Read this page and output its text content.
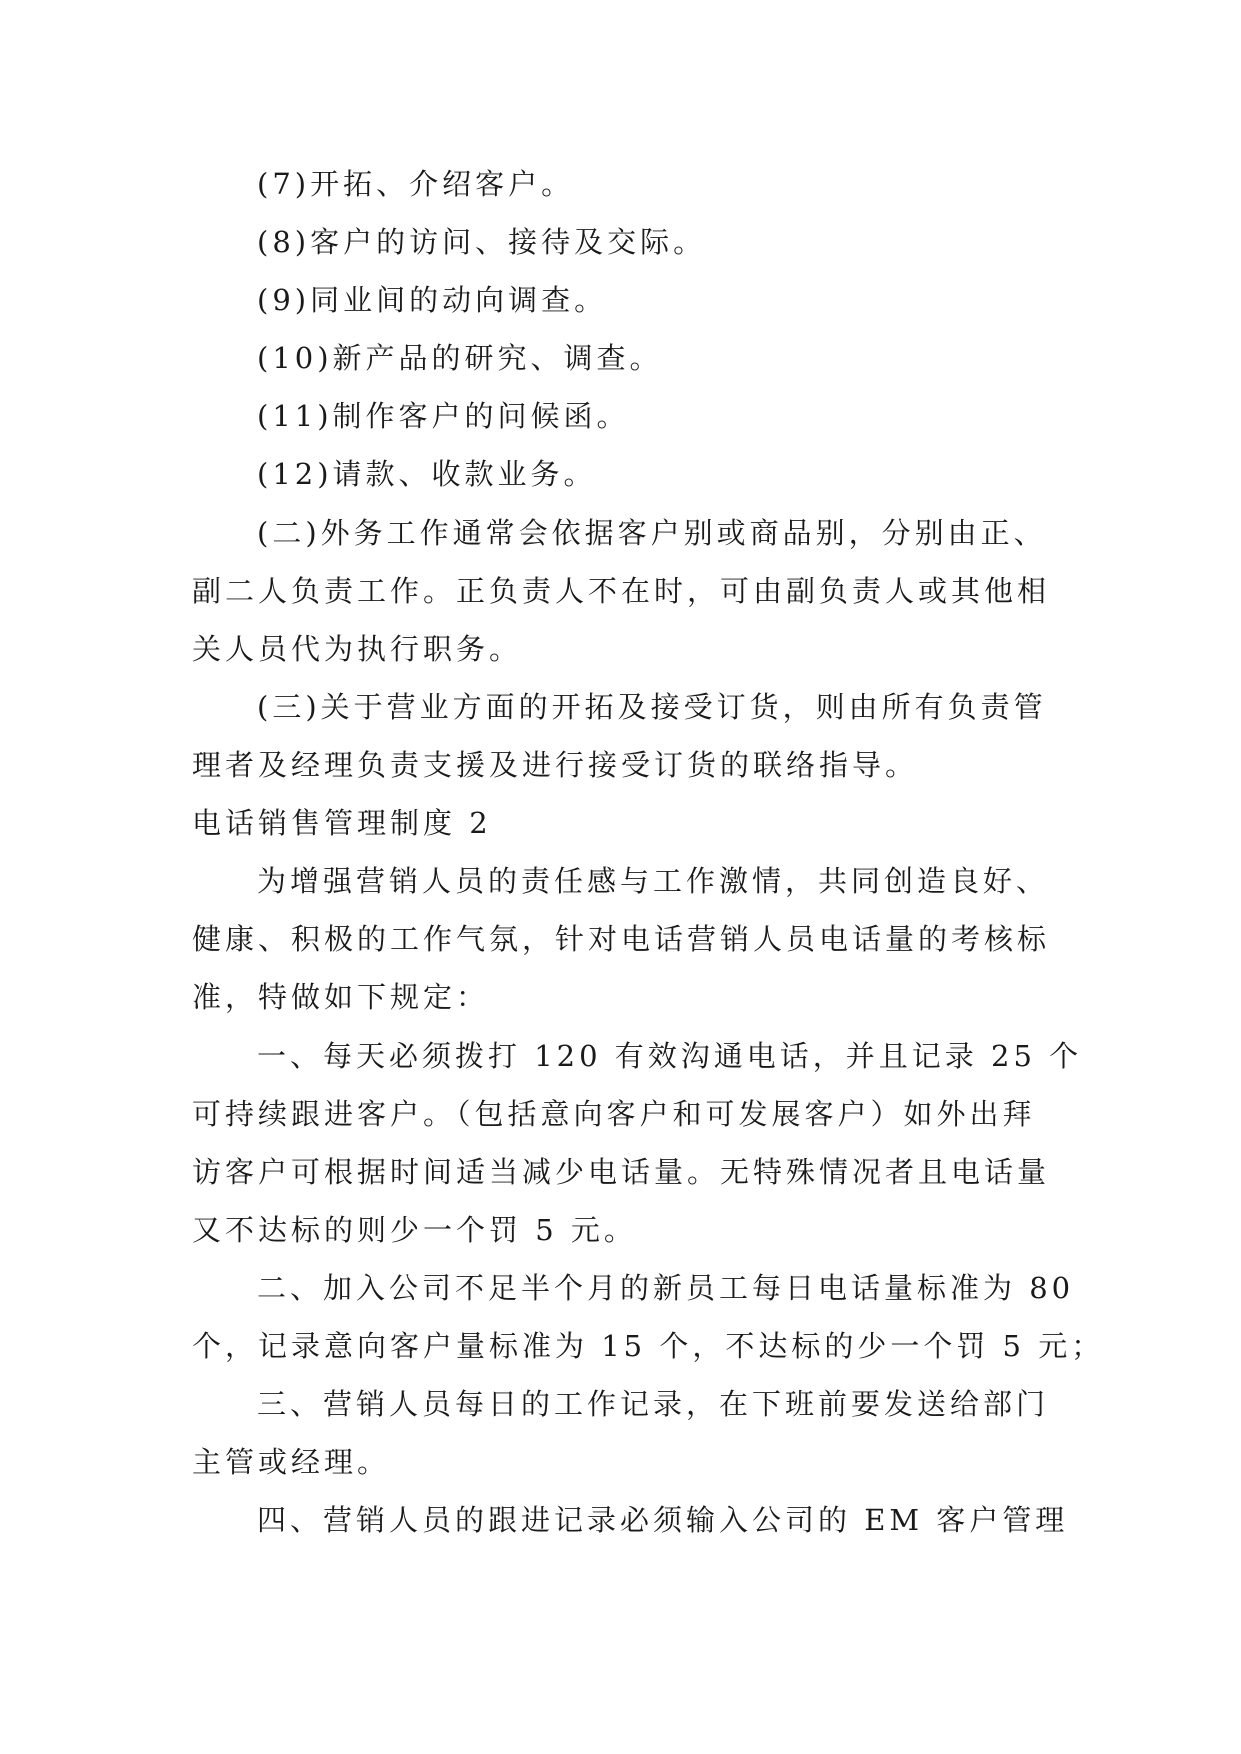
(7)开拓、介绍客户。
(8)客户的访问、接待及交际。
(9)同业间的动向调查。
(10)新产品的研究、调查。
(11)制作客户的问候函。
(12)请款、收款业务。
(二)外务工作通常会依据客户别或商品别，分别由正、
副二人负责工作。正负责人不在时，可由副负责人或其他相
关人员代为执行职务。
(三)关于营业方面的开拓及接受订货，则由所有负责管
理者及经理负责支援及进行接受订货的联络指导。
电话销售管理制度 2
为增强营销人员的责任感与工作激情，共同创造良好、
健康、积极的工作气氛，针对电话营销人员电话量的考核标
准，特做如下规定：
一、每天必须拨打 120 有效沟通电话，并且记录 25 个
可持续跟进客户。（包括意向客户和可发展客户）如外出拜
访客户可根据时间适当减少电话量。无特殊情况者且电话量
又不达标的则少一个罚 5 元。
二、加入公司不足半个月的新员工每日电话量标准为 80
个，记录意向客户量标准为 15 个，不达标的少一个罚 5 元；
三、营销人员每日的工作记录，在下班前要发送给部门
主管或经理。
四、营销人员的跟进记录必须输入公司的 EM 客户管理
